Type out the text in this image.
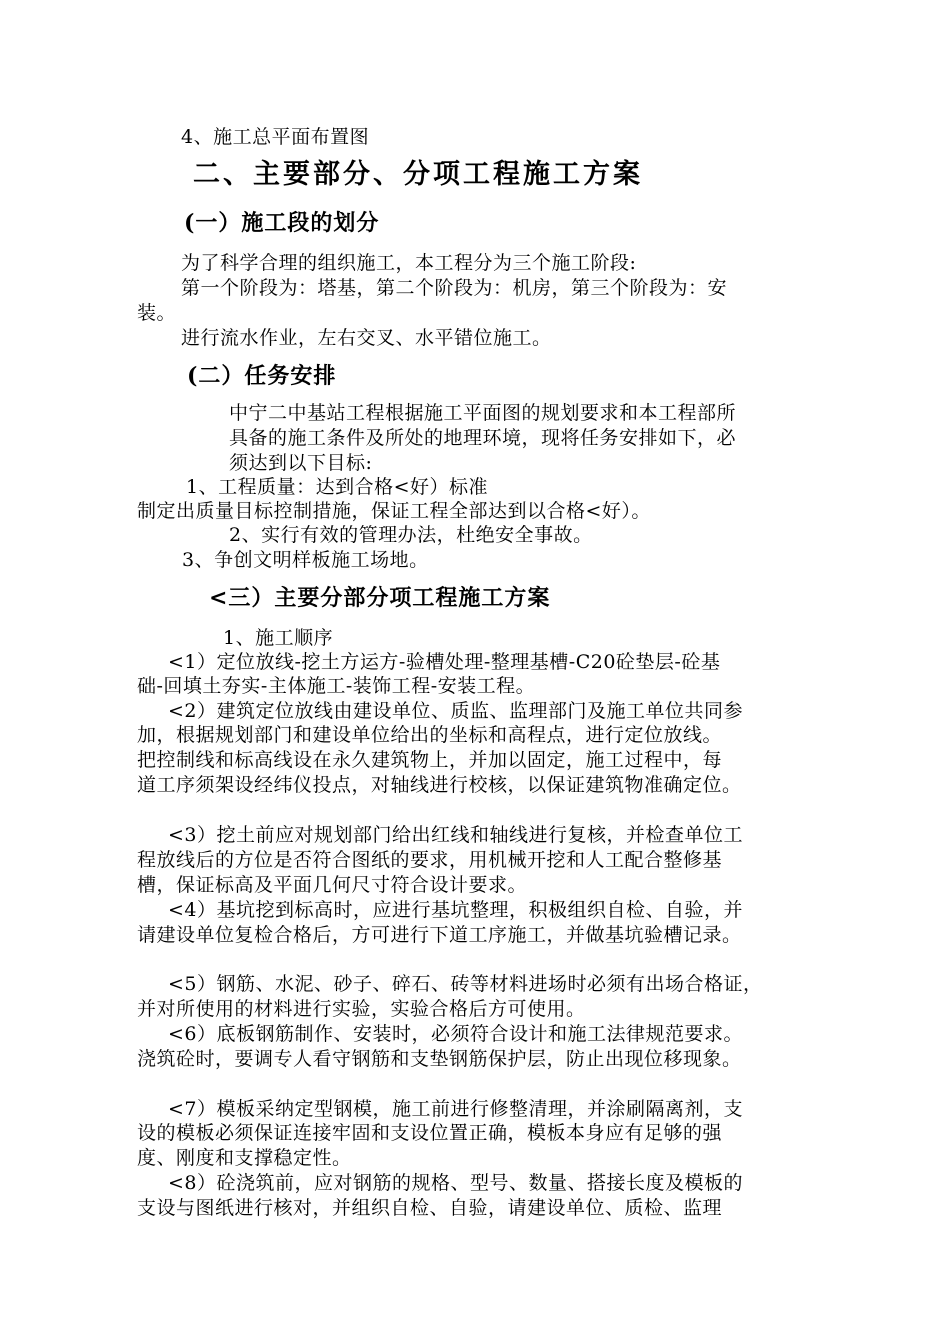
4、施工总平面布置图
二、主要部分、分项工程施工方案
(一）施工段的划分
为了科学合理的组织施工，本工程分为三个施工阶段:
第一个阶段为：塔基，第二个阶段为：机房，第三个阶段为：安
装。
进行流水作业，左右交叉、水平错位施工。
(二）任务安排
中宁二中基站工程根据施工平面图的规划要求和本工程部所
具备的施工条件及所处的地理环境，现将任务安排如下，必
须达到以下目标:
1、工程质量：达到合格<好）标准
制定出质量目标控制措施，保证工程全部达到以合格<好）。
2、实行有效的管理办法，杜绝安全事故。
3、争创文明样板施工场地。
<三）主要分部分项工程施工方案
1、施工顺序
<1）定位放线-挖土方运方-验槽处理-整理基槽-C20砼垫层-砼基
础-回填土夯实-主体施工-装饰工程-安装工程。
<2）建筑定位放线由建设单位、质监、监理部门及施工单位共同参
加，根据规划部门和建设单位给出的坐标和高程点，进行定位放线。
把控制线和标高线设在永久建筑物上，并加以固定，施工过程中，每
道工序须架设经纬仪投点，对轴线进行校核，以保证建筑物准确定位。
<3）挖土前应对规划部门给出红线和轴线进行复核，并检查单位工
程放线后的方位是否符合图纸的要求，用机械开挖和人工配合整修基
槽，保证标高及平面几何尺寸符合设计要求。
<4）基坑挖到标高时，应进行基坑整理，积极组织自检、自验，并
请建设单位复检合格后，方可进行下道工序施工，并做基坑验槽记录。
<5）钢筋、水泥、砂子、碎石、砖等材料进场时必须有出场合格证，
并对所使用的材料进行实验，实验合格后方可使用。
<6）底板钢筋制作、安装时，必须符合设计和施工法律规范要求。
浇筑砼时，要调专人看守钢筋和支垫钢筋保护层，防止出现位移现象。
<7）模板采纳定型钢模，施工前进行修整清理，并涂刷隔离剂，支
设的模板必须保证连接牢固和支设位置正确，模板本身应有足够的强
度、刚度和支撑稳定性。
<8）砼浇筑前，应对钢筋的规格、型号、数量、搭接长度及模板的
支设与图纸进行核对，并组织自检、自验，请建设单位、质检、监理
